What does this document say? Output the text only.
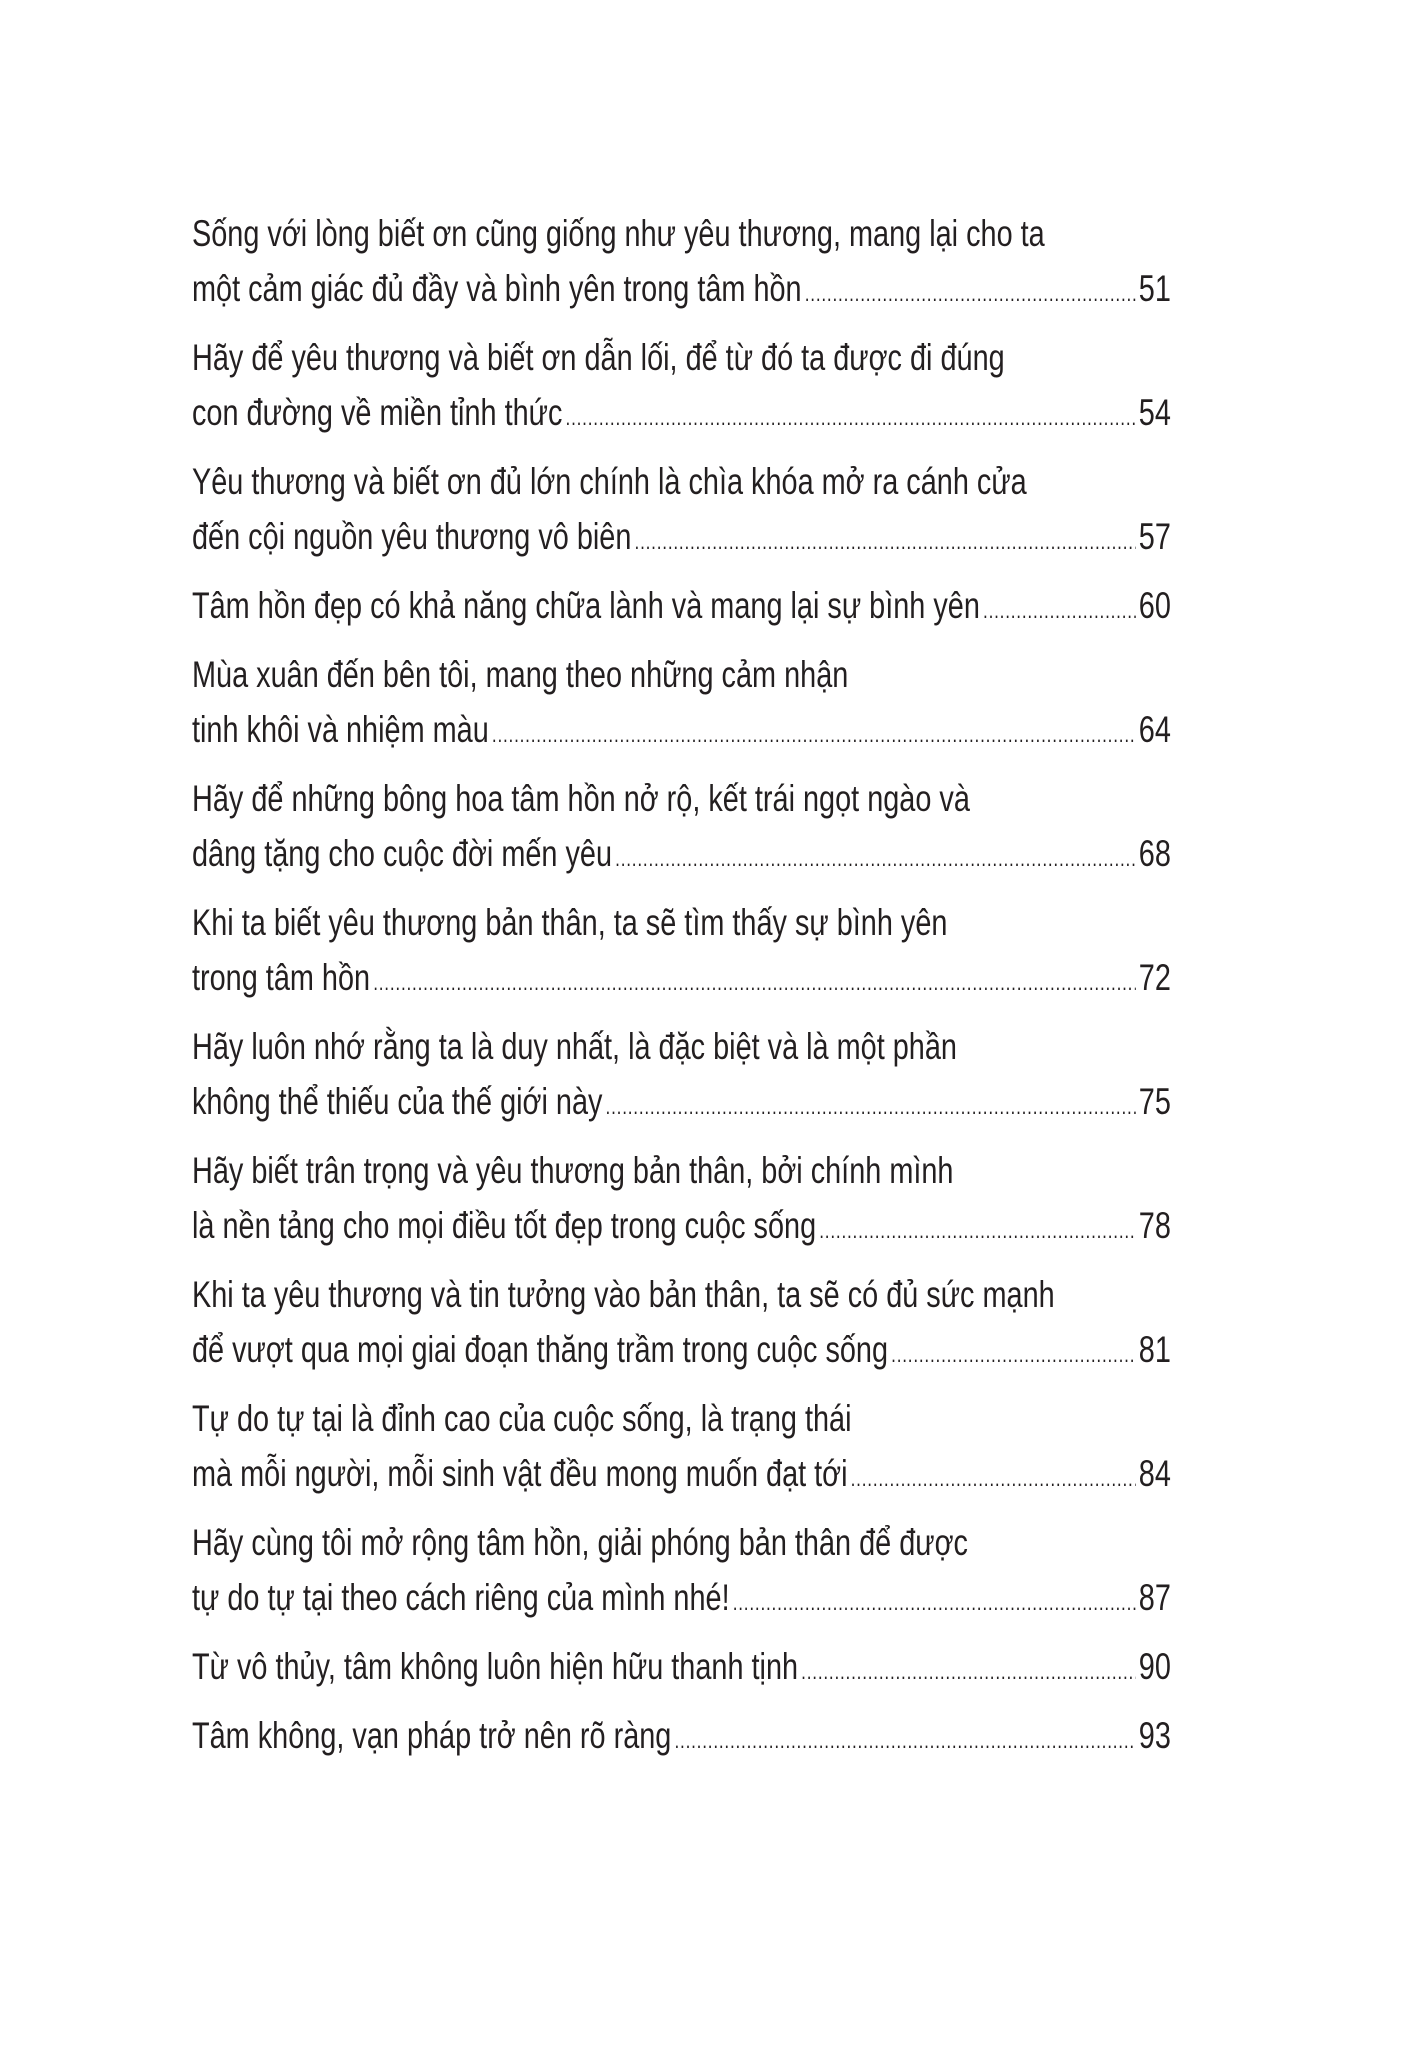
Sống với lòng biết ơn cũng giống như yêu thương, mang lại cho ta
một cảm giác đủ đầy và bình yên trong tâm hồn .....	51
Hãy để yêu thương và biết ơn dẫn lối, để từ đó ta được đi đúng
con đường về miền tỉnh thức .....	54
Yêu thương và biết ơn đủ lớn chính là chìa khóa mở ra cánh cửa
đến cội nguồn yêu thương vô biên .....	57
Tâm hồn đẹp có khả năng chữa lành và mang lại sự bình yên .....	60
Mùa xuân đến bên tôi, mang theo những cảm nhận
tinh khôi và nhiệm màu .....	64
Hãy để những bông hoa tâm hồn nở rộ, kết trái ngọt ngào và
dâng tặng cho cuộc đời mến yêu .....	68
Khi ta biết yêu thương bản thân, ta sẽ tìm thấy sự bình yên
trong tâm hồn .....	72
Hãy luôn nhớ rằng ta là duy nhất, là đặc biệt và là một phần
không thể thiếu của thế giới này .....	75
Hãy biết trân trọng và yêu thương bản thân, bởi chính mình
là nền tảng cho mọi điều tốt đẹp trong cuộc sống .....	78
Khi ta yêu thương và tin tưởng vào bản thân, ta sẽ có đủ sức mạnh
để vượt qua mọi giai đoạn thăng trầm trong cuộc sống .....	81
Tự do tự tại là đỉnh cao của cuộc sống, là trạng thái
mà mỗi người, mỗi sinh vật đều mong muốn đạt tới .....	84
Hãy cùng tôi mở rộng tâm hồn, giải phóng bản thân để được
tự do tự tại theo cách riêng của mình nhé! .....	87
Từ vô thủy, tâm không luôn hiện hữu thanh tịnh .....	90
Tâm không, vạn pháp trở nên rõ ràng .....	93
